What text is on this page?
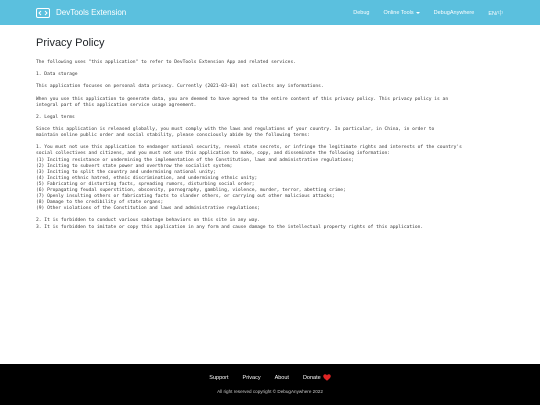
DevTools Extension	Debug	Online Tools	DebugAnywhere	EN/中
Privacy Policy

The following uses "this application" to refer to DevTools Extension App and related services.

1. Data storage

This application focuses on personal data privacy. Currently (2021-03-03) not collects any informations.

When you use this application to generate data, you are deemed to have agreed to the entire content of this privacy policy. This privacy policy is an

integral part of this application service usage agreement.

2. Legal terms

Since this application is released globally, you must comply with the laws and regulations of your country. In particular, in China, in order to

maintain online public order and social stability, please consciously abide by the following terms:

1. You must not use this application to endanger national security, reveal state secrets, or infringe the legitimate rights and interests of the country's

social collectives and citizens, and you must not use this application to make, copy, and disseminate the following information:

(1) Inciting resistance or undermining the implementation of the Constitution, laws and administrative regulations;

(2) Inciting to subvert state power and overthrow the socialist system;

(3) Inciting to split the country and undermining national unity;

(4) Inciting ethnic hatred, ethnic discrimination, and undermining ethnic unity;

(5) Fabricating or distorting facts, spreading rumors, disturbing social order;

(6) Propagating feudal superstition, obscenity, pornography, gambling, violence, murder, terror, abetting crime;

(7) Openly insulting others or fabricating facts to slander others, or carrying out other malicious attacks;

(8) Damage to the credibility of state organs;

(9) Other violations of the Constitution and laws and administrative regulations;

2. It is forbidden to conduct various sabotage behaviors on this site in any way.

3. It is forbidden to imitate or copy this application in any form and cause damage to the intellectual property rights of this application.

Support	Privacy	About	Donate
All right reserved copyright © DebugAnywhere 2022
